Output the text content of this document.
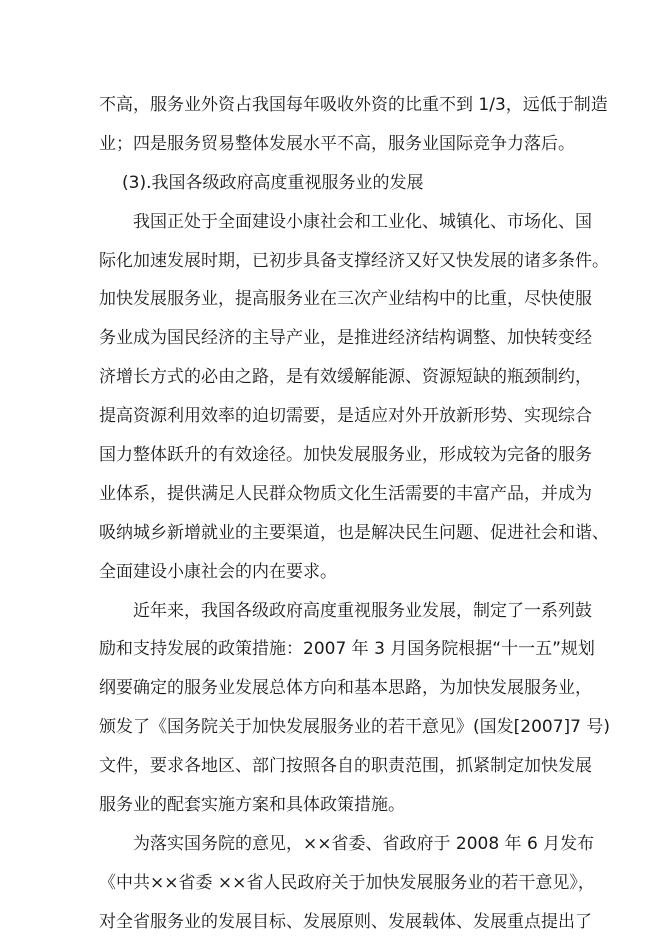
不高，服务业外资占我国每年吸收外资的比重不到 1/3，远低于制造
业；四是服务贸易整体发展水平不高，服务业国际竞争力落后。
(3).我国各级政府高度重视服务业的发展
我国正处于全面建设小康社会和工业化、城镇化、市场化、国
际化加速发展时期，已初步具备支撑经济又好又快发展的诸多条件。
加快发展服务业，提高服务业在三次产业结构中的比重，尽快使服
务业成为国民经济的主导产业，是推进经济结构调整、加快转变经
济增长方式的必由之路，是有效缓解能源、资源短缺的瓶颈制约，
提高资源利用效率的迫切需要，是适应对外开放新形势、实现综合
国力整体跃升的有效途径。加快发展服务业，形成较为完备的服务
业体系，提供满足人民群众物质文化生活需要的丰富产品，并成为
吸纳城乡新增就业的主要渠道，也是解决民生问题、促进社会和谐、
全面建设小康社会的内在要求。
近年来，我国各级政府高度重视服务业发展，制定了一系列鼓
励和支持发展的政策措施：2007 年 3 月国务院根据“十一五”规划
纲要确定的服务业发展总体方向和基本思路，为加快发展服务业，
颁发了《国务院关于加快发展服务业的若干意见》(国发[2007]7 号)
文件，要求各地区、部门按照各自的职责范围，抓紧制定加快发展
服务业的配套实施方案和具体政策措施。
为落实国务院的意见，××省委、省政府于 2008 年 6 月发布
《中共××省委 ××省人民政府关于加快发展服务业的若干意见》，
对全省服务业的发展目标、发展原则、发展载体、发展重点提出了
